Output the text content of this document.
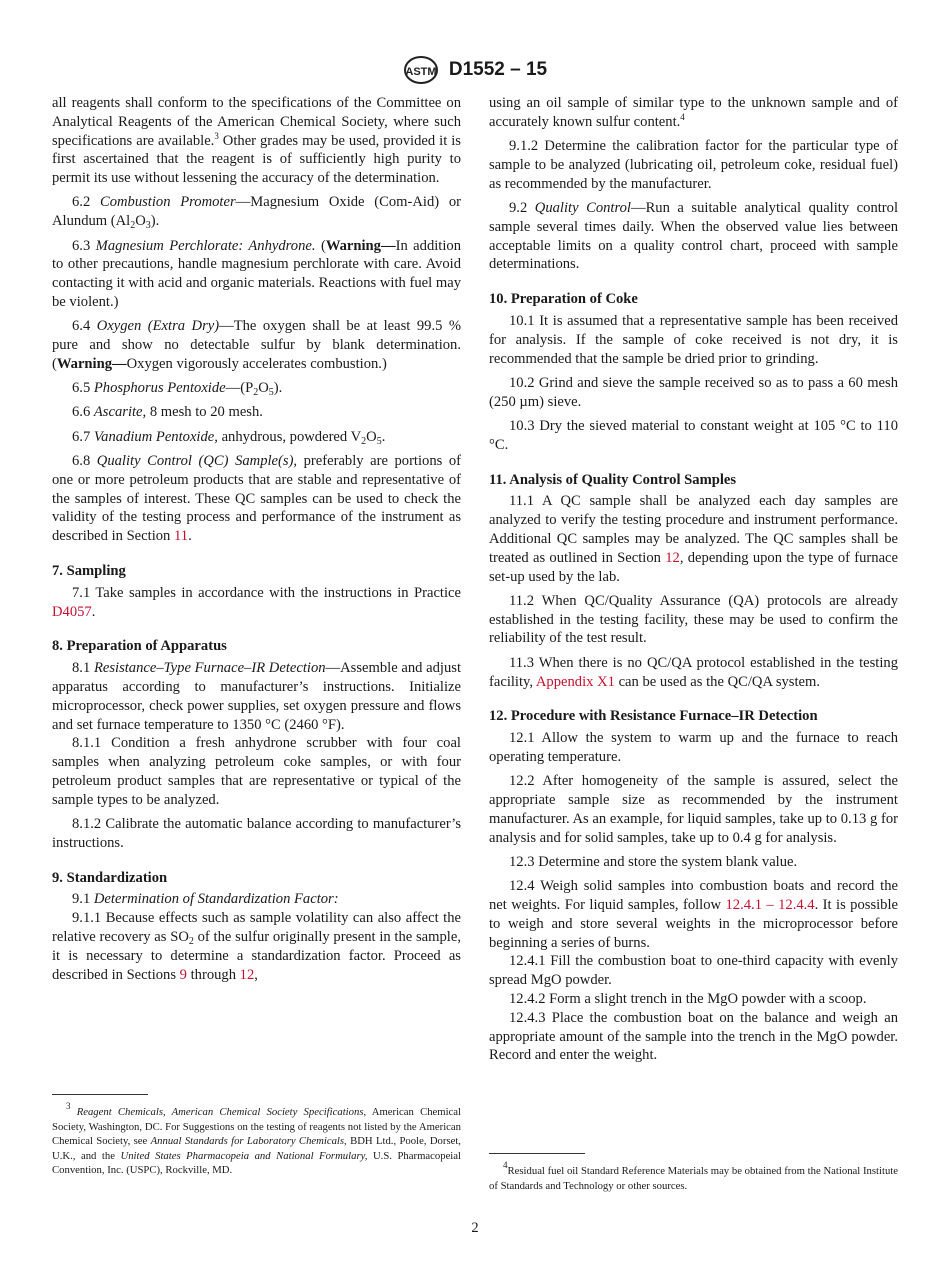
ASTM D1552 – 15

all reagents shall conform to the specifications of the Committee on Analytical Reagents of the American Chemical Society, where such specifications are available.$^3$ Other grades may be used, provided it is first ascertained that the reagent is of sufficiently high purity to permit its use without lessening the accuracy of the determination.

6.2 Combustion Promoter—Magnesium Oxide (Com-Aid) or Alundum $(Al_2O_3)$.

6.3 Magnesium Perchlorate: Anhydrone. (Warning—In addition to other precautions, handle magnesium perchlorate with care. Avoid contacting it with acid and organic materials. Reactions with fuel may be violent.)

6.4 Oxygen (Extra Dry)—The oxygen shall be at least 99.5 % pure and show no detectable sulfur by blank determination. (Warning—Oxygen vigorously accelerates combustion.)

6.5 Phosphorus $Pentoxide—(P_2O_5)$.

6.6 Ascarite, 8 mesh to 20 mesh.

6.7 Vanadium Pentoxide, anhydrous, powdered $V_2O_5$.

6.8 Quality Control (QC) Sample(s), preferably are portions of one or more petroleum products that are stable and representative of the samples of interest. These QC samples can be used to check the validity of the testing process and performance of the instrument as described in Section 11.

7. Sampling

7.1 Take samples in accordance with the instructions in Practice D4057.

8. Preparation of Apparatus

8.1 Resistance–Type Furnace–IR Detection—Assemble and adjust apparatus according to manufacturer’s instructions. Initialize microprocessor, check power supplies, set oxygen pressure and flows and set furnace temperature to 1350 °C (2460 °F).

8.1.1 Condition a fresh anhydrone scrubber with four coal samples when analyzing petroleum coke samples, or with four petroleum product samples that are representative or typical of the sample types to be analyzed.

8.1.2 Calibrate the automatic balance according to manufacturer’s instructions.

9. Standardization

9.1 Determination of Standardization Factor:

9.1.1 Because effects such as sample volatility can also affect the relative recovery as $SO_2$ of the sulfur originally present in the sample, it is necessary to determine a standardization factor. Proceed as described in Sections 9 through 12,

using an oil sample of similar type to the unknown sample and of accurately known sulfur content.$^4$

9.1.2 Determine the calibration factor for the particular type of sample to be analyzed (lubricating oil, petroleum coke, residual fuel) as recommended by the manufacturer.

9.2 Quality Control—Run a suitable analytical quality control sample several times daily. When the observed value lies between acceptable limits on a quality control chart, proceed with sample determinations.

10. Preparation of Coke

10.1 It is assumed that a representative sample has been received for analysis. If the sample of coke received is not dry, it is recommended that the sample be dried prior to grinding.

10.2 Grind and sieve the sample received so as to pass a 60 mesh (250 µm) sieve.

10.3 Dry the sieved material to constant weight at 105 °C to 110 °C.

11. Analysis of Quality Control Samples

11.1 A QC sample shall be analyzed each day samples are analyzed to verify the testing procedure and instrument performance. Additional QC samples may be analyzed. The QC samples shall be treated as outlined in Section 12, depending upon the type of furnace set-up used by the lab.

11.2 When QC/Quality Assurance (QA) protocols are already established in the testing facility, these may be used to confirm the reliability of the test result.

11.3 When there is no QC/QA protocol established in the testing facility, Appendix X1 can be used as the QC/QA system.

12. Procedure with Resistance Furnace–IR Detection

12.1 Allow the system to warm up and the furnace to reach operating temperature.

12.2 After homogeneity of the sample is assured, select the appropriate sample size as recommended by the instrument manufacturer. As an example, for liquid samples, take up to 0.13 g for analysis and for solid samples, take up to 0.4 g for analysis.

12.3 Determine and store the system blank value.

12.4 Weigh solid samples into combustion boats and record the net weights. For liquid samples, follow 12.4.1 – 12.4.4. It is possible to weigh and store several weights in the microprocessor before beginning a series of burns.

12.4.1 Fill the combustion boat to one-third capacity with evenly spread MgO powder.

12.4.2 Form a slight trench in the MgO powder with a scoop.

12.4.3 Place the combustion boat on the balance and weigh an appropriate amount of the sample into the trench in the MgO powder. Record and enter the weight.

$^3$ Reagent Chemicals, American Chemical Society Specifications, American Chemical Society, Washington, DC. For Suggestions on the testing of reagents not listed by the American Chemical Society, see Annual Standards for Laboratory Chemicals, BDH Ltd., Poole, Dorset, U.K., and the United States Pharmacopeia and National Formulary, U.S. Pharmacopeial Convention, Inc. (USPC), Rockville, MD.	$^4$Residual fuel oil Standard Reference Materials may be obtained from the National Institute of Standards and Technology or other sources.

2
